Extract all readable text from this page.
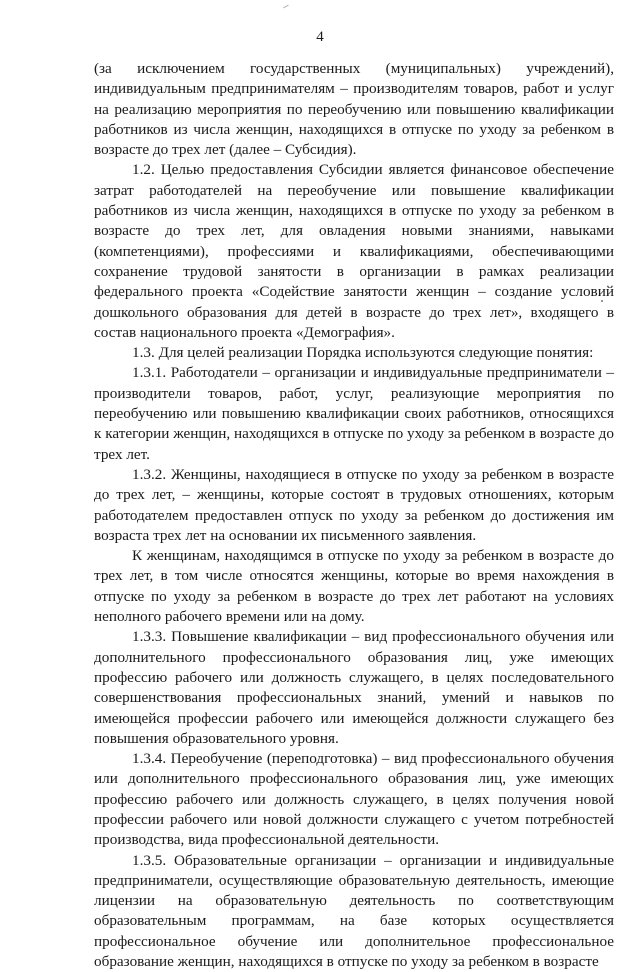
4

(за исключением государственных (муниципальных) учреждений), индивидуальным предпринимателям – производителям товаров, работ и услуг на реализацию мероприятия по переобучению или повышению квалификации работников из числа женщин, находящихся в отпуске по уходу за ребенком в возрасте до трех лет (далее – Субсидия).

1.2. Целью предоставления Субсидии является финансовое обеспечение затрат работодателей на переобучение или повышение квалификации работников из числа женщин, находящихся в отпуске по уходу за ребенком в возрасте до трех лет, для овладения новыми знаниями, навыками (компетенциями), профессиями и квалификациями, обеспечивающими сохранение трудовой занятости в организации в рамках реализации федерального проекта «Содействие занятости женщин – создание условий дошкольного образования для детей в возрасте до трех лет», входящего в состав национального проекта «Демография».

1.3. Для целей реализации Порядка используются следующие понятия:

1.3.1. Работодатели – организации и индивидуальные предприниматели – производители товаров, работ, услуг, реализующие мероприятия по переобучению или повышению квалификации своих работников, относящихся к категории женщин, находящихся в отпуске по уходу за ребенком в возрасте до трех лет.

1.3.2. Женщины, находящиеся в отпуске по уходу за ребенком в возрасте до трех лет, – женщины, которые состоят в трудовых отношениях, которым работодателем предоставлен отпуск по уходу за ребенком до достижения им возраста трех лет на основании их письменного заявления.

К женщинам, находящимся в отпуске по уходу за ребенком в возрасте до трех лет, в том числе относятся женщины, которые во время нахождения в отпуске по уходу за ребенком в возрасте до трех лет работают на условиях неполного рабочего времени или на дому.

1.3.3. Повышение квалификации – вид профессионального обучения или дополнительного профессионального образования лиц, уже имеющих профессию рабочего или должность служащего, в целях последовательного совершенствования профессиональных знаний, умений и навыков по имеющейся профессии рабочего или имеющейся должности служащего без повышения образовательного уровня.

1.3.4. Переобучение (переподготовка) – вид профессионального обучения или дополнительного профессионального образования лиц, уже имеющих профессию рабочего или должность служащего, в целях получения новой профессии рабочего или новой должности служащего с учетом потребностей производства, вида профессиональной деятельности.

1.3.5. Образовательные организации – организации и индивидуальные предприниматели, осуществляющие образовательную деятельность, имеющие лицензии на образовательную деятельность по соответствующим образовательным программам, на базе которых осуществляется профессиональное обучение или дополнительное профессиональное образование женщин, находящихся в отпуске по уходу за ребенком в возрасте
